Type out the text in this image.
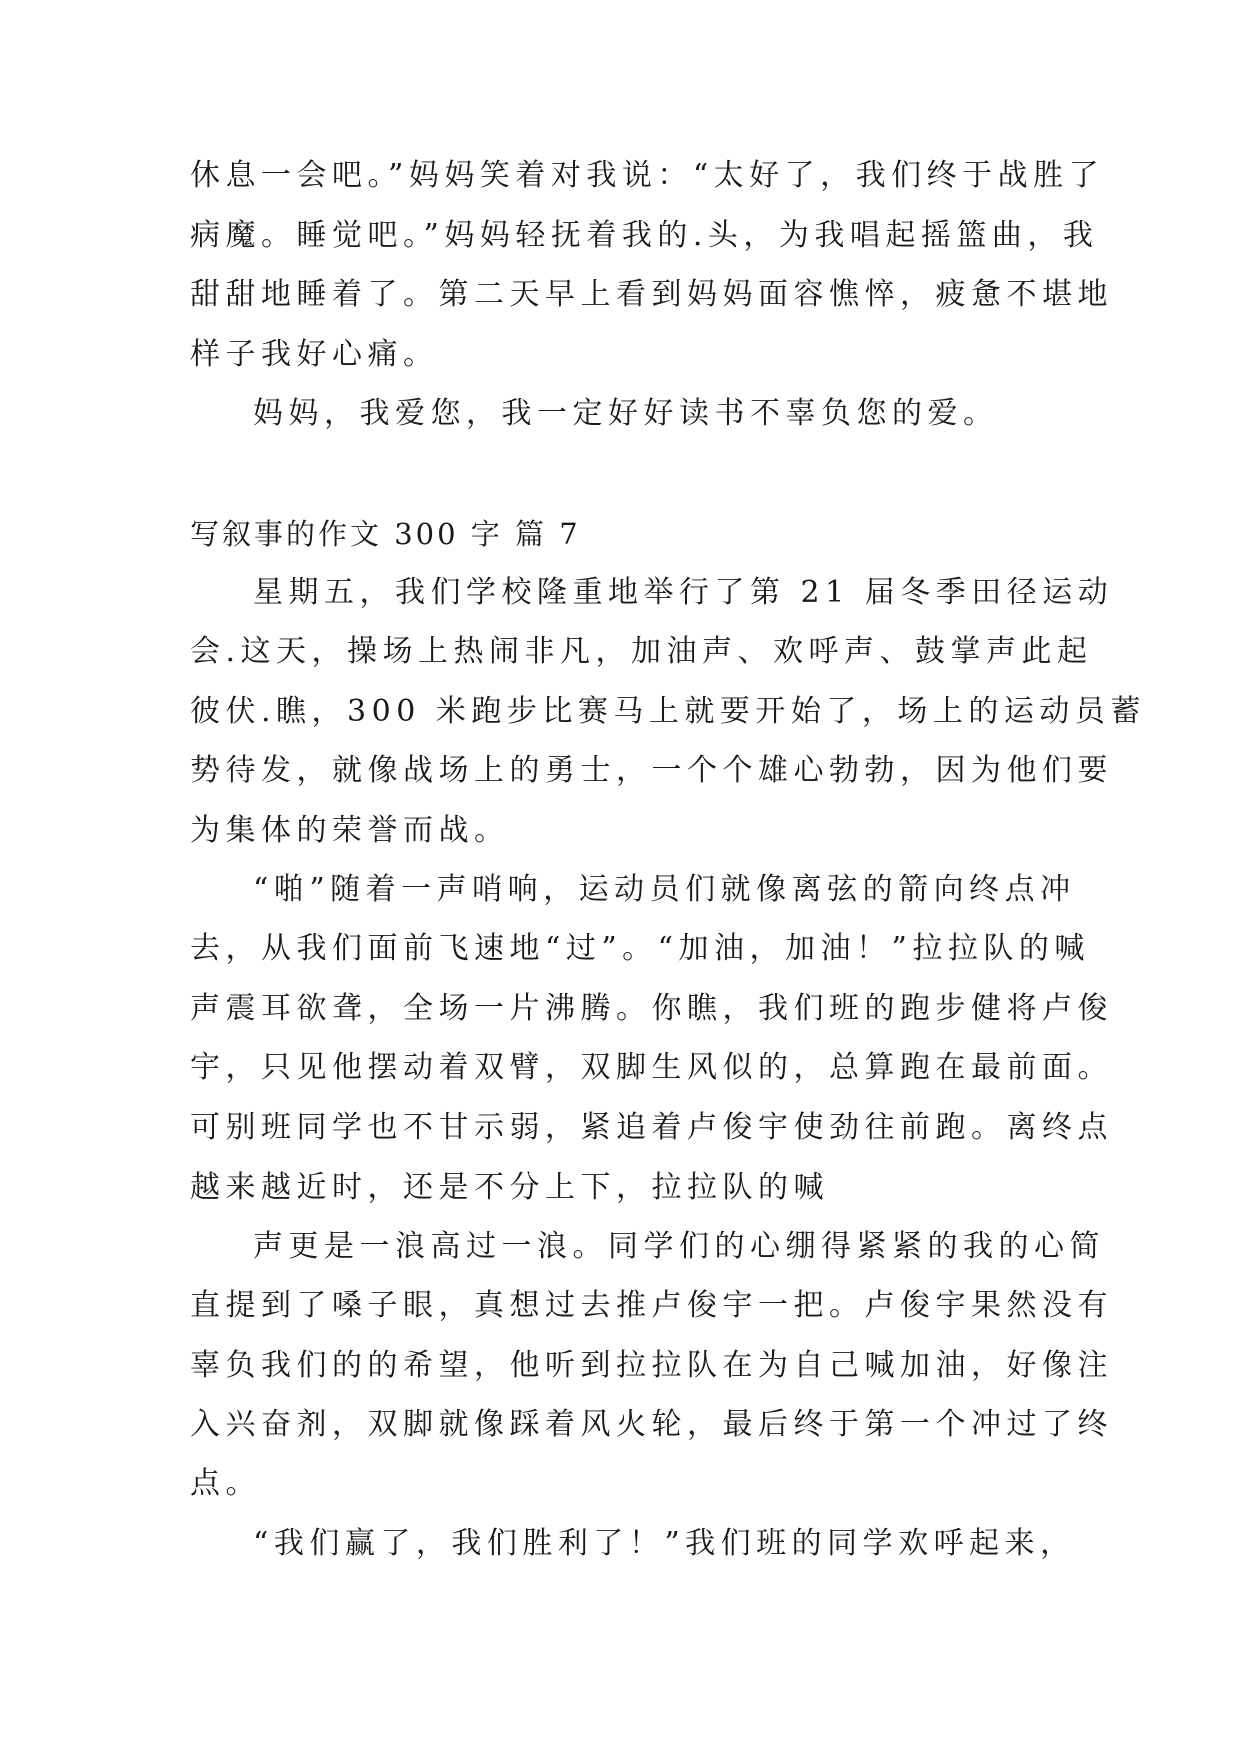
休息一会吧。”妈妈笑着对我说：“太好了，我们终于战胜了

病魔。睡觉吧。”妈妈轻抚着我的.头，为我唱起摇篮曲，我

甜甜地睡着了。第二天早上看到妈妈面容憔悴，疲惫不堪地

样子我好心痛。

妈妈，我爱您，我一定好好读书不辜负您的爱。

写叙事的作文 300 字 篇 7

星期五，我们学校隆重地举行了第 21 届冬季田径运动

会.这天，操场上热闹非凡，加油声、欢呼声、鼓掌声此起

彼伏.瞧，300 米跑步比赛马上就要开始了，场上的运动员蓄

势待发，就像战场上的勇士，一个个雄心勃勃，因为他们要

为集体的荣誉而战。

“啪”随着一声哨响，运动员们就像离弦的箭向终点冲

去，从我们面前飞速地“过”。“加油，加油！”拉拉队的喊

声震耳欲聋，全场一片沸腾。你瞧，我们班的跑步健将卢俊

宇，只见他摆动着双臂，双脚生风似的，总算跑在最前面。

可别班同学也不甘示弱，紧追着卢俊宇使劲往前跑。离终点

越来越近时，还是不分上下，拉拉队的喊

声更是一浪高过一浪。同学们的心绷得紧紧的我的心简

直提到了嗓子眼，真想过去推卢俊宇一把。卢俊宇果然没有

辜负我们的的希望，他听到拉拉队在为自己喊加油，好像注

入兴奋剂，双脚就像踩着风火轮，最后终于第一个冲过了终

点。

“我们赢了，我们胜利了！”我们班的同学欢呼起来，
